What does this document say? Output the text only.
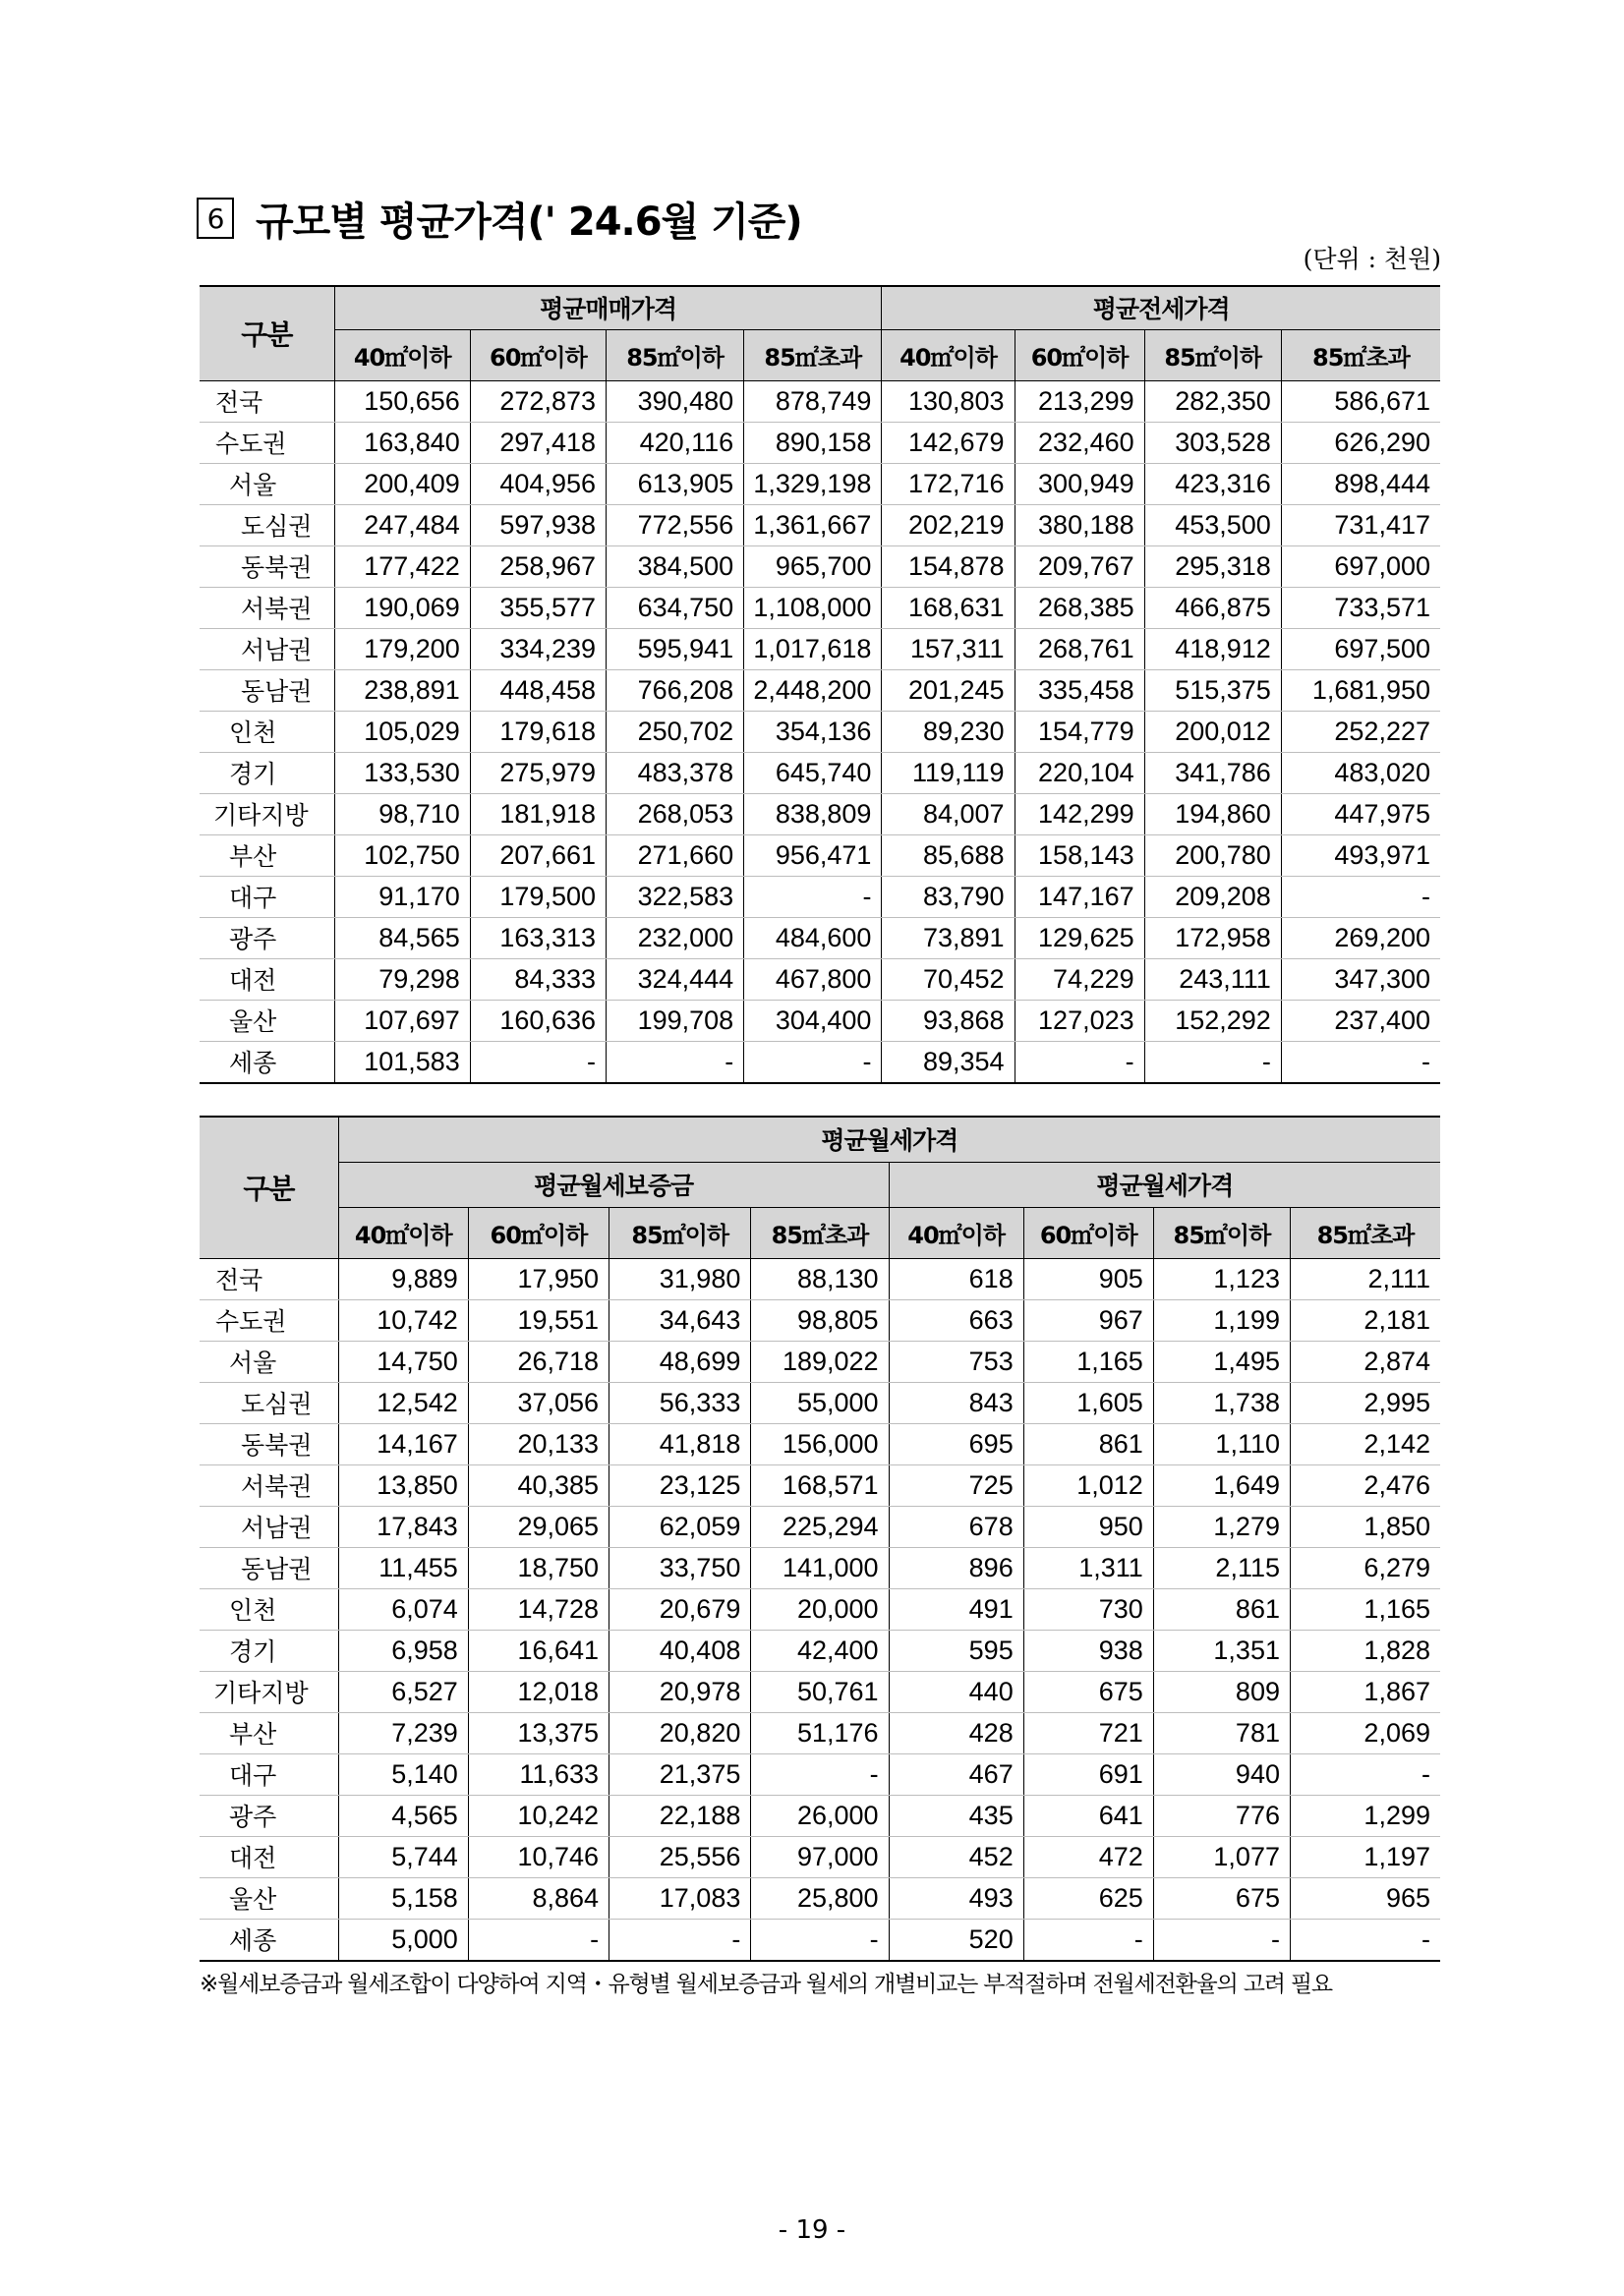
6 규모별 평균가격(' 24.6월 기준)
(단위 : 천원)
구분	평균매매가격				평균전세가격			
	40㎡이하	60㎡이하	85㎡이하	85㎡초과	40㎡이하	60㎡이하	85㎡이하	85㎡초과
전국	150,656	272,873	390,480	878,749	130,803	213,299	282,350	586,671
수도권	163,840	297,418	420,116	890,158	142,679	232,460	303,528	626,290
서울	200,409	404,956	613,905	1,329,198	172,716	300,949	423,316	898,444
도심권	247,484	597,938	772,556	1,361,667	202,219	380,188	453,500	731,417
동북권	177,422	258,967	384,500	965,700	154,878	209,767	295,318	697,000
서북권	190,069	355,577	634,750	1,108,000	168,631	268,385	466,875	733,571
서남권	179,200	334,239	595,941	1,017,618	157,311	268,761	418,912	697,500
동남권	238,891	448,458	766,208	2,448,200	201,245	335,458	515,375	1,681,950
인천	105,029	179,618	250,702	354,136	89,230	154,779	200,012	252,227
경기	133,530	275,979	483,378	645,740	119,119	220,104	341,786	483,020
기타지방	98,710	181,918	268,053	838,809	84,007	142,299	194,860	447,975
부산	102,750	207,661	271,660	956,471	85,688	158,143	200,780	493,971
대구	91,170	179,500	322,583	-	83,790	147,167	209,208	-
광주	84,565	163,313	232,000	484,600	73,891	129,625	172,958	269,200
대전	79,298	84,333	324,444	467,800	70,452	74,229	243,111	347,300
울산	107,697	160,636	199,708	304,400	93,868	127,023	152,292	237,400
세종	101,583	-	-	-	89,354	-	-	-
구분	평균월세가격							
	평균월세보증금				평균월세가격			
	40㎡이하	60㎡이하	85㎡이하	85㎡초과	40㎡이하	60㎡이하	85㎡이하	85㎡초과
전국	9,889	17,950	31,980	88,130	618	905	1,123	2,111
수도권	10,742	19,551	34,643	98,805	663	967	1,199	2,181
서울	14,750	26,718	48,699	189,022	753	1,165	1,495	2,874
도심권	12,542	37,056	56,333	55,000	843	1,605	1,738	2,995
동북권	14,167	20,133	41,818	156,000	695	861	1,110	2,142
서북권	13,850	40,385	23,125	168,571	725	1,012	1,649	2,476
서남권	17,843	29,065	62,059	225,294	678	950	1,279	1,850
동남권	11,455	18,750	33,750	141,000	896	1,311	2,115	6,279
인천	6,074	14,728	20,679	20,000	491	730	861	1,165
경기	6,958	16,641	40,408	42,400	595	938	1,351	1,828
기타지방	6,527	12,018	20,978	50,761	440	675	809	1,867
부산	7,239	13,375	20,820	51,176	428	721	781	2,069
대구	5,140	11,633	21,375	-	467	691	940	-
광주	4,565	10,242	22,188	26,000	435	641	776	1,299
대전	5,744	10,746	25,556	97,000	452	472	1,077	1,197
울산	5,158	8,864	17,083	25,800	493	625	675	965
세종	5,000	-	-	-	520	-	-	-
※월세보증금과 월세조합이 다양하여 지역・유형별 월세보증금과 월세의 개별비교는 부적절하며 전월세전환율의 고려 필요
- 19 -
